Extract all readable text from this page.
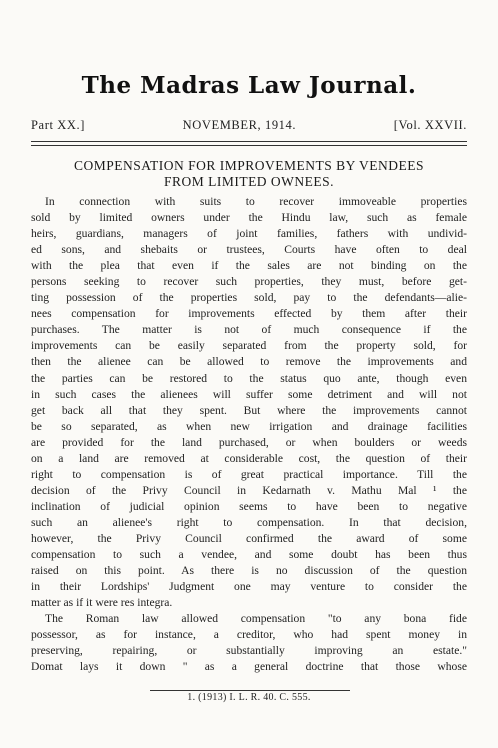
The Madras Law Journal.
Part XX.]	NOVEMBER, 1914.	[Vol. XXVII.
COMPENSATION FOR IMPROVEMENTS BY VENDEES
FROM LIMITED OWNEES.
In connection with suits to recover immoveable properties
sold by limited owners under the Hindu law, such as female
heirs, guardians, managers of joint families, fathers with undivid-
ed sons, and shebaits or trustees, Courts have often to deal
with the plea that even if the sales are not binding on the
persons seeking to recover such properties, they must, before get-
ting possession of the properties sold, pay to the defendants—alie-
nees compensation for improvements effected by them after their
purchases. The matter is not of much consequence if the
improvements can be easily separated from the property sold, for
then the alienee can be allowed to remove the improvements and
the parties can be restored to the status quo ante, though even
in such cases the alienees will suffer some detriment and will not
get back all that they spent. But where the improvements cannot
be so separated, as when new irrigation and drainage facilities
are provided for the land purchased, or when boulders or weeds
on a land are removed at considerable cost, the question of their
right to compensation is of great practical importance. Till the
decision of the Privy Council in Kedarnath v. Mathu Mal ¹ the
inclination of judicial opinion seems to have been to negative
such an alienee's right to compensation. In that decision,
however, the Privy Council confirmed the award of some
compensation to such a vendee, and some doubt has been thus
raised on this point. As there is no discussion of the question
in their Lordships' Judgment one may venture to consider the
matter as if it were res integra.
The Roman law allowed compensation "to any bona fide
possessor, as for instance, a creditor, who had spent money in
preserving, repairing, or substantially improving an estate."
Domat lays it down " as a general doctrine that those whose
1. (1913) I. L. R. 40. C. 555.
